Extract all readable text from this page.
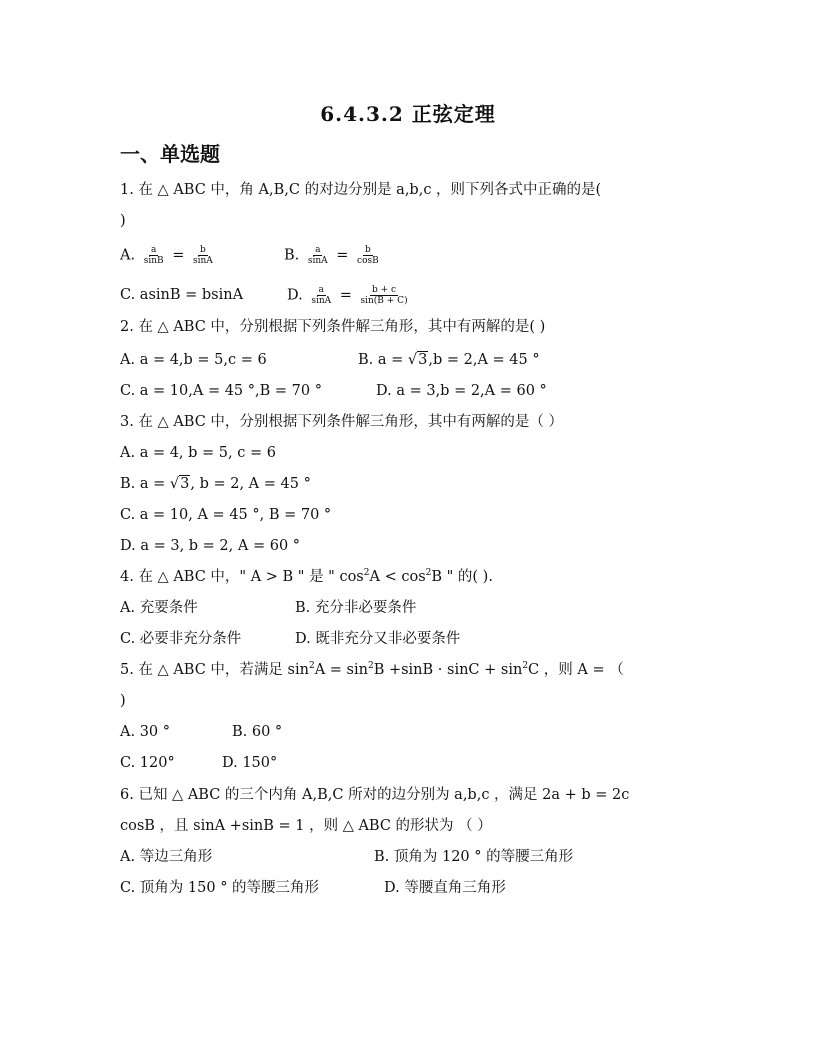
6.4.3.2 正弦定理
一、单选题
1. 在 △ ABC 中，角 A,B,C 的对边分别是 a,b,c ，则下列各式中正确的是(
)
A. $\frac{a}{\sin B} = \frac{b}{\sin A}$	B. $\frac{a}{\sin A} = \frac{b}{\cos B}$
C. asinB = bsinA	D. $\frac{a}{\sin A} = \frac{b + c}{\sin(B + C)}$
2. 在 △ ABC 中，分别根据下列条件解三角形，其中有两解的是( )
A. a = 4,b = 5,c = 6	B. a = √3,b = 2,A = 45 °
C. a = 10,A = 45 °,B = 70 °	D. a = 3,b = 2,A = 60 °
3. 在 △ ABC 中，分别根据下列条件解三角形，其中有两解的是（ ）
A. a = 4, b = 5, c = 6
B. a = √3, b = 2, A = 45 °
C. a = 10, A = 45 °, B = 70 °
D. a = 3, b = 2, A = 60 °
4. 在 △ ABC 中，" A > B " 是 " $\cos^2A < \cos^2B$ " 的( ).
A. 充要条件	B. 充分非必要条件
C. 必要非充分条件	D. 既非充分又非必要条件
5. 在 △ ABC 中，若满足 $\sin^2A = \sin^2B +\sin B \cdot \sin C + \sin^2C$ ，则 A = （
)
A. 30 °	B. 60 °
C. 120°	D. 150°
6. 已知 △ ABC 的三个内角 A,B,C 所对的边分别为 a,b,c ，满足 2a + b = 2c
cosB ，且 sinA +sinB = 1 ，则 △ ABC 的形状为 （ ）
A. 等边三角形	B. 顶角为 120 ° 的等腰三角形
C. 顶角为 150 ° 的等腰三角形	D. 等腰直角三角形
